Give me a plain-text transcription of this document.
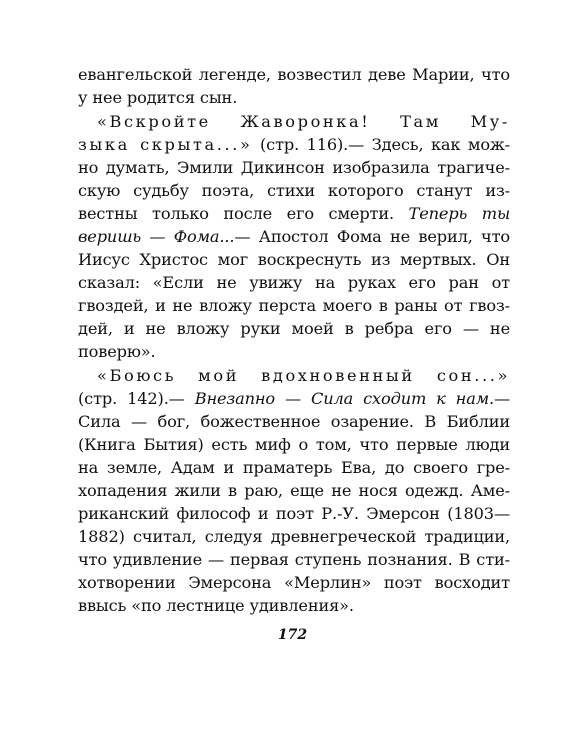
евангельской легенде, возвестил деве Марии, что
у нее родится сын.
«Вскройте Жаворонка! Там Му-
зыка скрыта...» (стр. 116).— Здесь, как мож-
но думать, Эмили Дикинсон изобразила трагиче-
скую судьбу поэта, стихи которого станут из-
вестны только после его смерти. Теперь ты
веришь — Фома...— Апостол Фома не верил, что
Иисус Христос мог воскреснуть из мертвых. Он
сказал: «Если не увижу на руках его ран от
гвоздей, и не вложу перста моего в раны от гвоз-
дей, и не вложу руки моей в ребра его — не
поверю».
«Боюсь мой вдохновенный сон...»
(стр. 142).— Внезапно — Сила сходит к нам.—
Сила — бог, божественное озарение. В Библии
(Книга Бытия) есть миф о том, что первые люди
на земле, Адам и праматерь Ева, до своего гре-
хопадения жили в раю, еще не нося одежд. Аме-
риканский философ и поэт Р.-У. Эмерсон (1803—
1882) считал, следуя древнегреческой традиции,
что удивление — первая ступень познания. В сти-
хотворении Эмерсона «Мерлин» поэт восходит
ввысь «по лестнице удивления».
172
